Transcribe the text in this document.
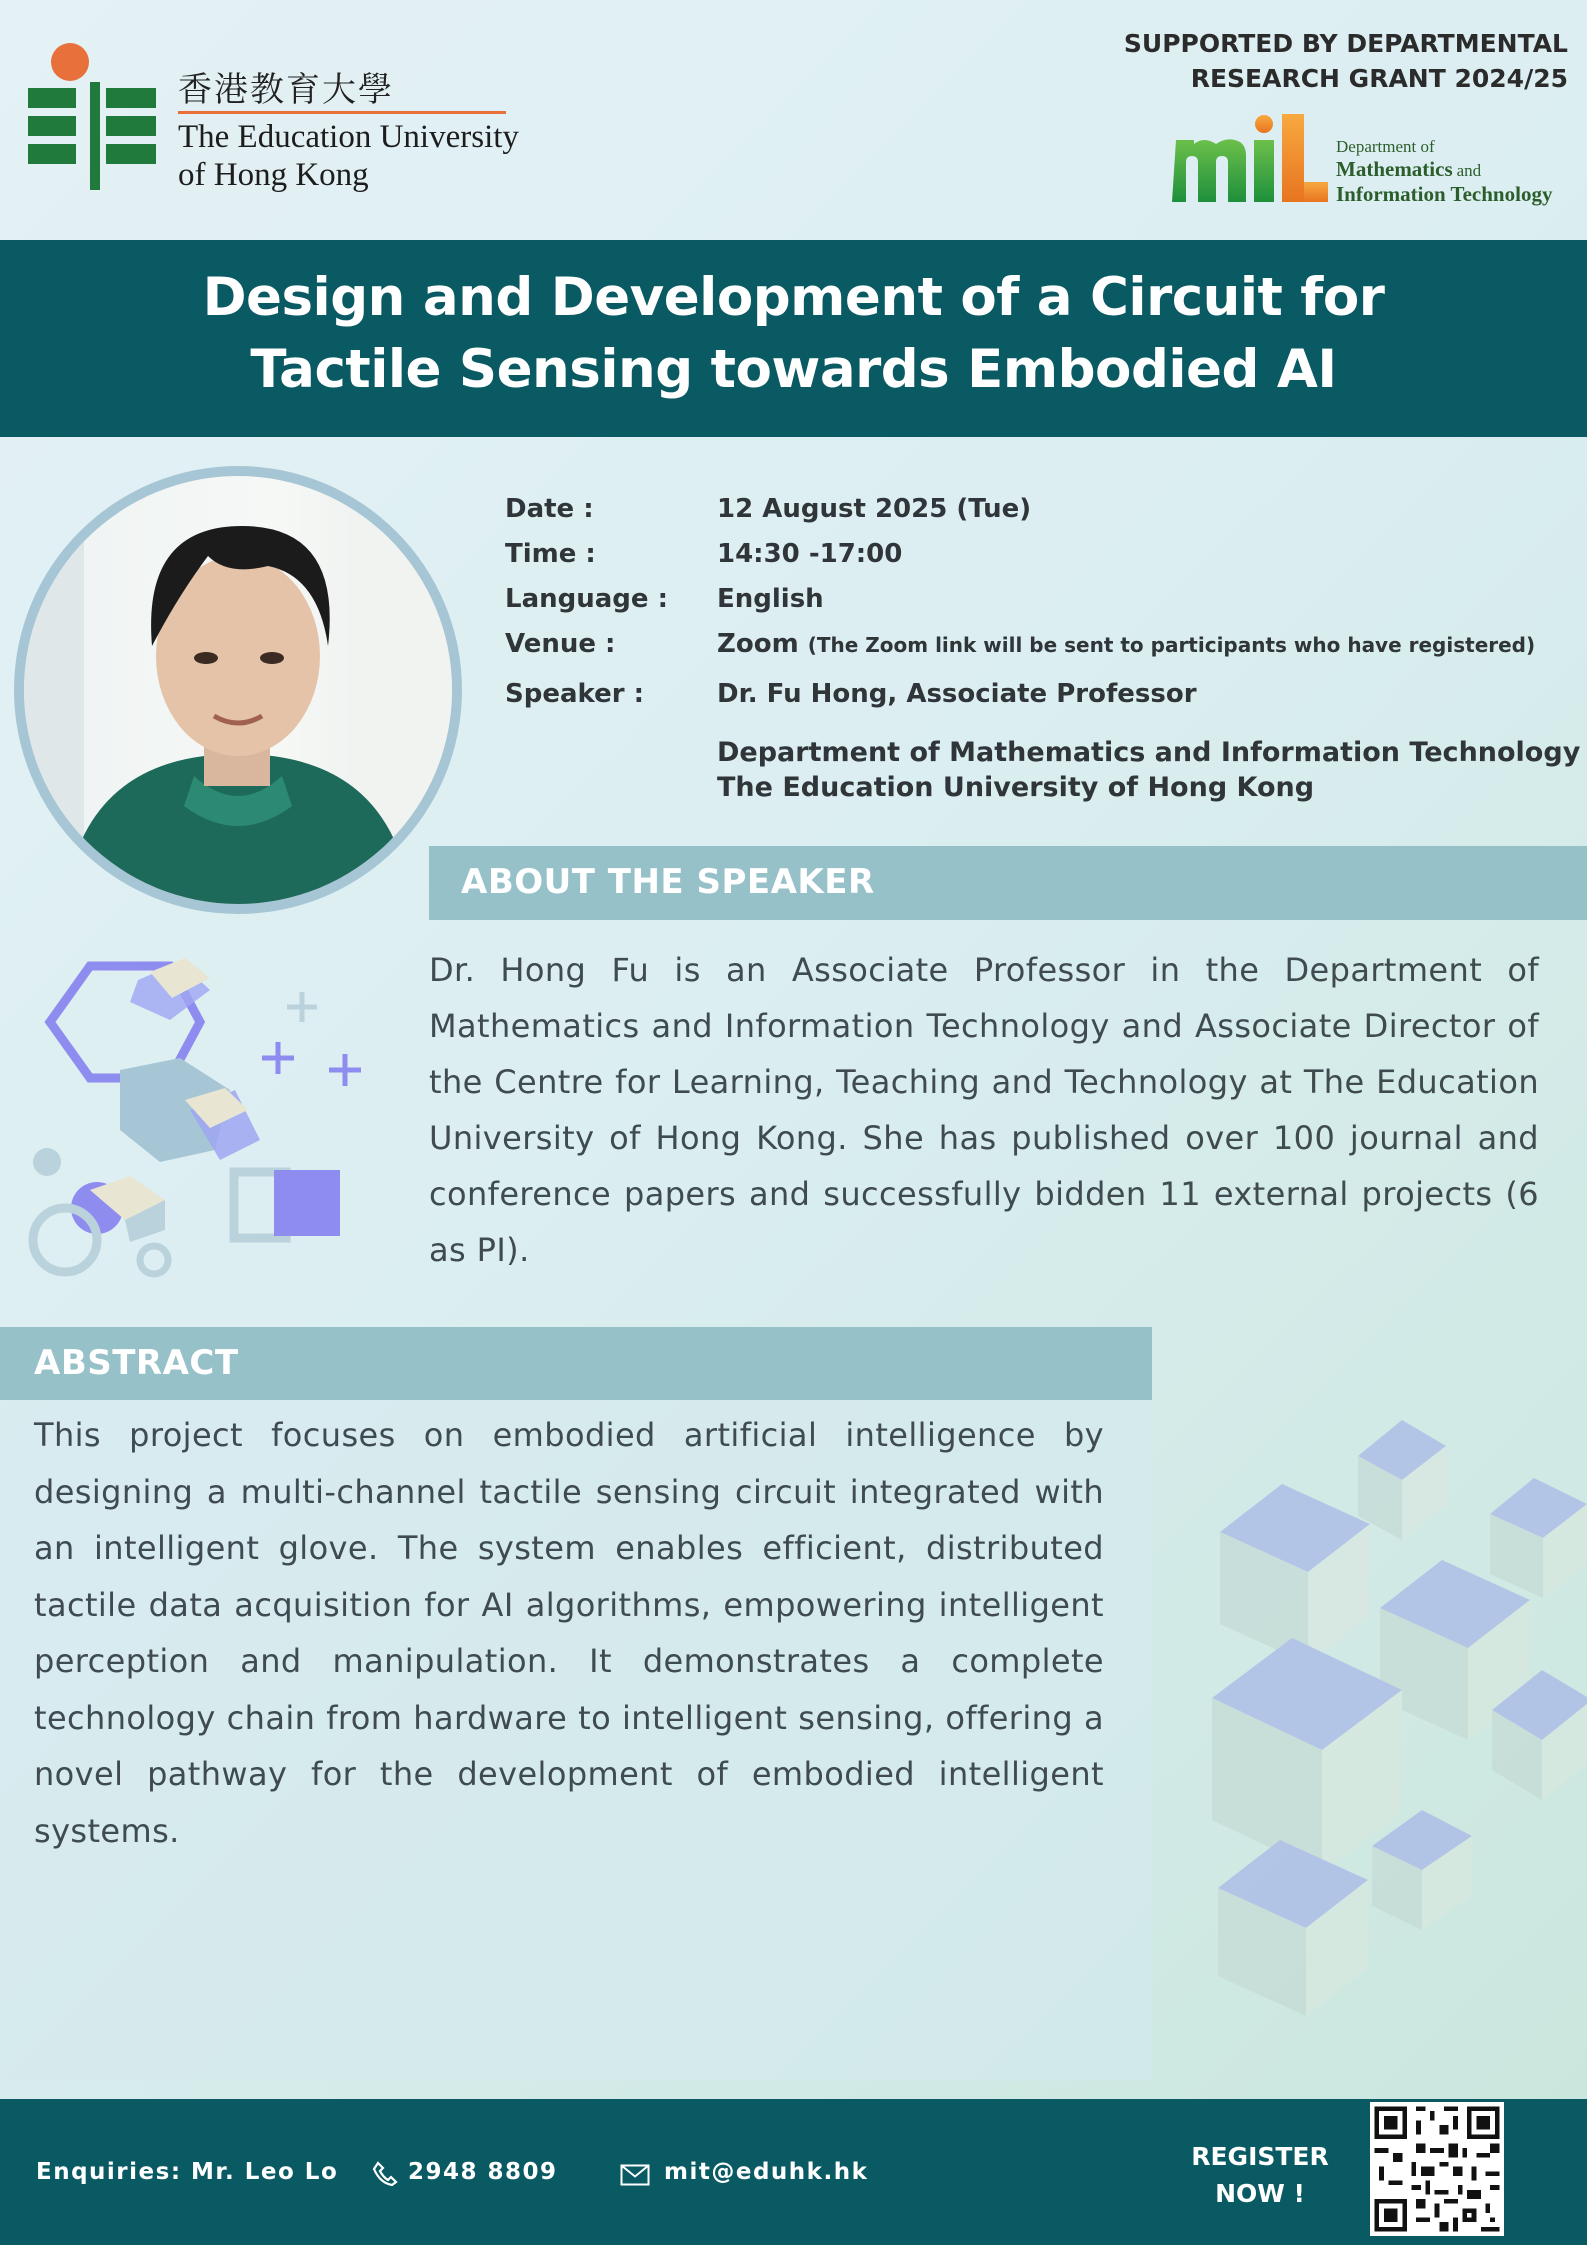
香港教育大學
The Education University
of Hong Kong
SUPPORTED BY DEPARTMENTAL
RESEARCH GRANT 2024/25
Department of
Mathematics and
Information Technology
Design and Development of a Circuit for
Tactile Sensing towards Embodied AI
Date :	12 August 2025 (Tue)
Time :	14:30 -17:00
Language :	English
Venue :	Zoom (The Zoom link will be sent to participants who have registered)
Speaker :	Dr. Fu Hong, Associate Professor
Department of Mathematics and Information Technology
The Education University of Hong Kong
ABOUT THE SPEAKER
Dr. Hong Fu is an Associate Professor in the Department of Mathematics and Information Technology and Associate Director of the Centre for Learning, Teaching and Technology at The Education University of Hong Kong. She has published over 100 journal and conference papers and successfully bidden 11 external projects (6 as PI).
ABSTRACT
This project focuses on embodied artificial intelligence by designing a multi-channel tactile sensing circuit integrated with an intelligent glove. The system enables efficient, distributed tactile data acquisition for AI algorithms, empowering intelligent perception and manipulation. It demonstrates a complete technology chain from hardware to intelligent sensing, offering a novel pathway for the development of embodied intelligent systems.
Enquiries: Mr. Leo Lo	2948 8809	mit@eduhk.hk
REGISTER
NOW !
